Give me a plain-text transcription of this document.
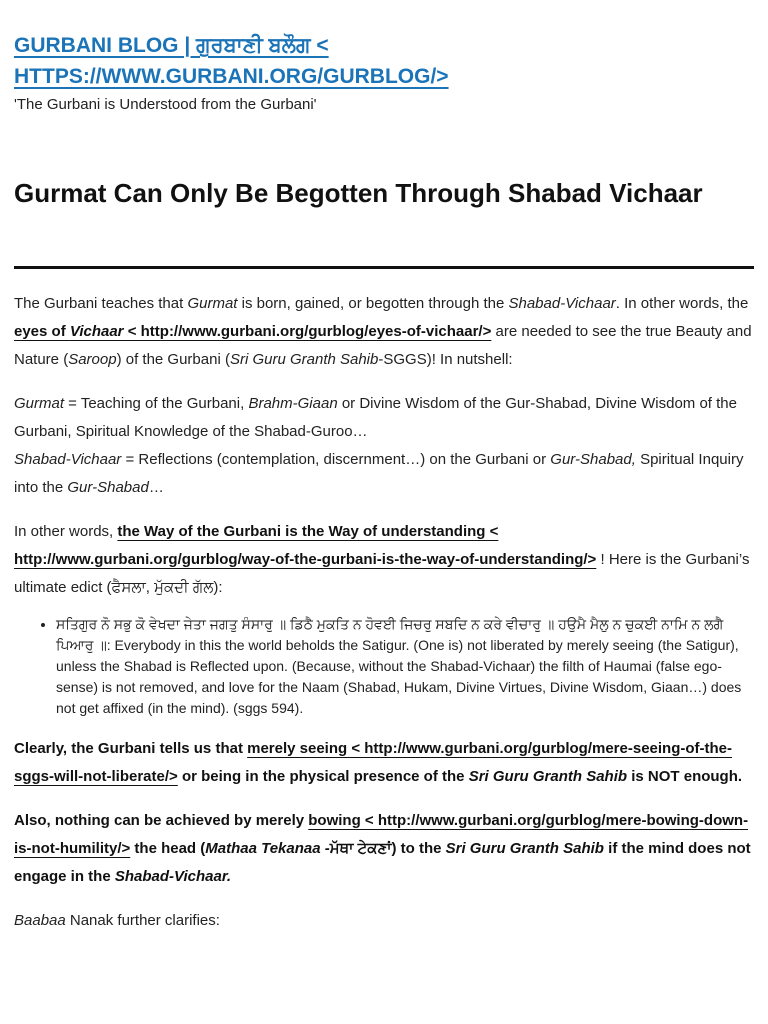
GURBANI BLOG | ਗੁਰਬਾਣੀ ਬਲੌਗ <
HTTPS://WWW.GURBANI.ORG/GURBLOG/>
'The Gurbani is Understood from the Gurbani'
Gurmat Can Only Be Begotten Through Shabad Vichaar

The Gurbani teaches that Gurmat is born, gained, or begotten through the Shabad-Vichaar. In other words, the eyes of Vichaar < http://www.gurbani.org/gurblog/eyes-of-vichaar/> are needed to see the true Beauty and Nature (Saroop) of the Gurbani (Sri Guru Granth Sahib-SGGS)! In nutshell:

Gurmat = Teaching of the Gurbani, Brahm-Giaan or Divine Wisdom of the Gur-Shabad, Divine Wisdom of the Gurbani, Spiritual Knowledge of the Shabad-Guroo…

Shabad-Vichaar = Reflections (contemplation, discernment…) on the Gurbani or Gur-Shabad, Spiritual Inquiry into the Gur-Shabad…

In other words, the Way of the Gurbani is the Way of understanding < http://www.gurbani.org/gurblog/way-of-the-gurbani-is-the-way-of-understanding/> ! Here is the Gurbani’s ultimate edict (ਫੈਸਲਾ, ਮੁੱਕਦੀ ਗੱਲ):

• ਸਤਿਗੁਰ ਨੋ ਸਭੁ ਕੋ ਵੇਖਦਾ ਜੇਤਾ ਜਗਤੁ ਸੰਸਾਰੁ ॥ ਡਿਠੈ ਮੁਕਤਿ ਨ ਹੋਵਈ ਜਿਚਰੁ ਸਬਦਿ ਨ ਕਰੇ ਵੀਚਾਰੁ ॥ ਹਉਮੈ ਮੈਲੁ ਨ ਚੁਕਈ ਨਾਮਿ ਨ ਲਗੈ ਪਿਆਰੁ ॥: Everybody in this the world beholds the Satigur. (One is) not liberated by merely seeing (the Satigur), unless the Shabad is Reflected upon. (Because, without the Shabad-Vichaar) the filth of Haumai (false ego-sense) is not removed, and love for the Naam (Shabad, Hukam, Divine Virtues, Divine Wisdom, Giaan…) does not get affixed (in the mind). (sggs 594).

Clearly, the Gurbani tells us that merely seeing < http://www.gurbani.org/gurblog/mere-seeing-of-the-sggs-will-not-liberate/> or being in the physical presence of the Sri Guru Granth Sahib is NOT enough.

Also, nothing can be achieved by merely bowing < http://www.gurbani.org/gurblog/mere-bowing-down-is-not-humility/> the head (Mathaa Tekanaa -ਮੱਥਾ ਟੇਕਣਾਂ) to the Sri Guru Granth Sahib if the mind does not engage in the Shabad-Vichaar.

Baabaa Nanak further clarifies:
